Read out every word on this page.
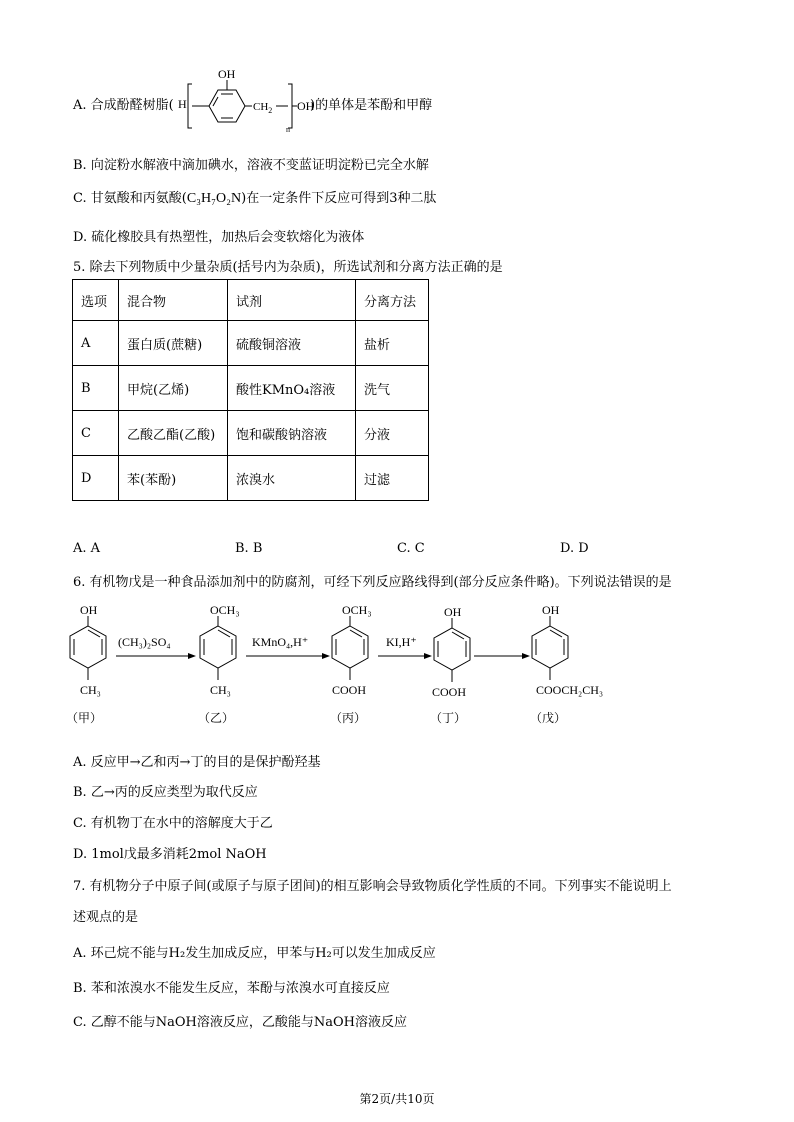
A. 合成酚醛树脂(	)的单体是苯酚和甲醇
H
OH
$CH_2$ OH
n
B. 向淀粉水解液中滴加碘水，溶液不变蓝证明淀粉已完全水解
C. 甘氨酸和丙氨酸(C₃H₇O₂N)在一定条件下反应可得到3种二肽
D. 硫化橡胶具有热塑性，加热后会变软熔化为液体
5. 除去下列物质中少量杂质(括号内为杂质)，所选试剂和分离方法正确的是
选项	混合物	试剂	分离方法
A	蛋白质(蔗糖)	硫酸铜溶液	盐析
B	甲烷(乙烯)	酸性KMnO₄溶液	洗气
C	乙酸乙酯(乙酸)	饱和碳酸钠溶液	分液
D	苯(苯酚)	浓溴水	过滤
A. A	B. B	C. C	D. D
6. 有机物戊是一种食品添加剂中的防腐剂，可经下列反应路线得到(部分反应条件略)。下列说法错误的是
OH
CH₃
（甲）
(CH₃)₂SO₄
OCH₃
CH₃
（乙）
KMnO₄,H⁺
OCH₃
COOH
（丙）
KI,H⁺
OH
COOH
（丁）
OH
COOCH₂CH₃
（戊）
A. 反应甲→乙和丙→丁的目的是保护酚羟基
B. 乙→丙的反应类型为取代反应
C. 有机物丁在水中的溶解度大于乙
D. 1mol戊最多消耗2mol NaOH
7. 有机物分子中原子间(或原子与原子团间)的相互影响会导致物质化学性质的不同。下列事实不能说明上
述观点的是
A. 环己烷不能与H₂发生加成反应，甲苯与H₂可以发生加成反应
B. 苯和浓溴水不能发生反应，苯酚与浓溴水可直接反应
C. 乙醇不能与NaOH溶液反应，乙酸能与NaOH溶液反应
第2页/共10页
